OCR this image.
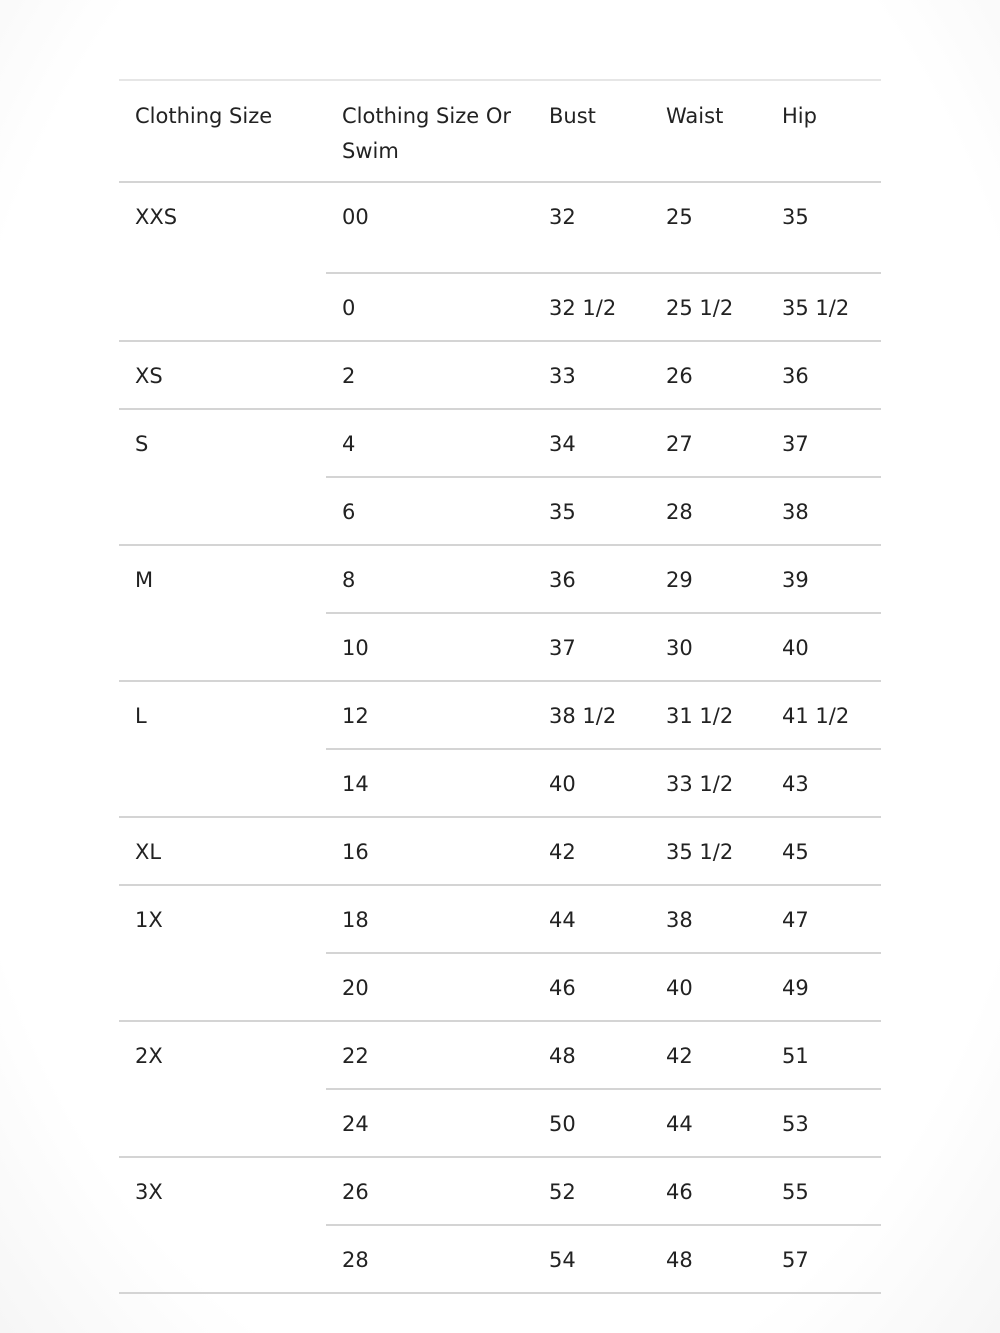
Clothing Size	Clothing Size Or Swim	Bust	Waist	Hip
XXS	00	32	25	35
	0	32 1/2	25 1/2	35 1/2
XS	2	33	26	36
S	4	34	27	37
	6	35	28	38
M	8	36	29	39
	10	37	30	40
L	12	38 1/2	31 1/2	41 1/2
	14	40	33 1/2	43
XL	16	42	35 1/2	45
1X	18	44	38	47
	20	46	40	49
2X	22	48	42	51
	24	50	44	53
3X	26	52	46	55
	28	54	48	57
